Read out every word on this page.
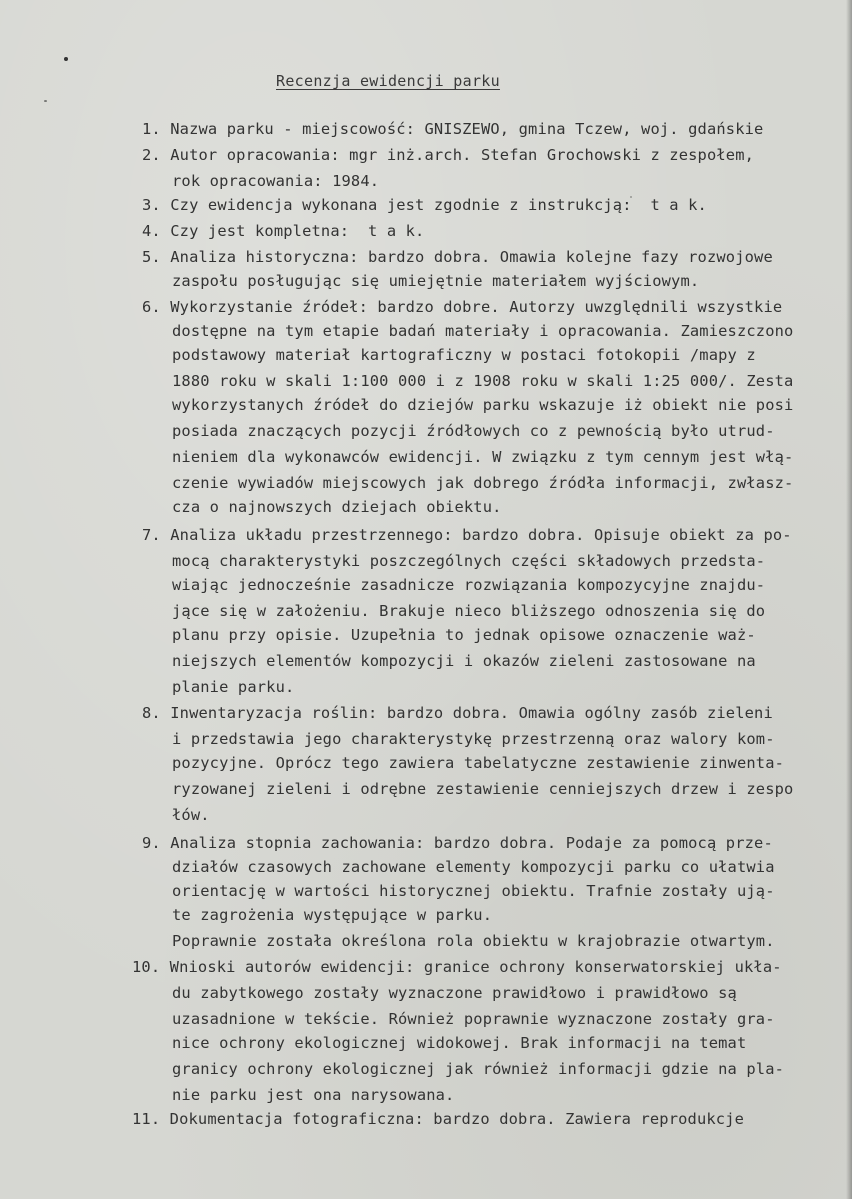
Recenzja ewidencji parku
1. Nazwa parku - miejscowość: GNISZEWO, gmina Tczew, woj. gdańskie
2. Autor opracowania: mgr inż.arch. Stefan Grochowski z zespołem,
rok opracowania: 1984.
3. Czy ewidencja wykonana jest zgodnie z instrukcją:  t a k.
4. Czy jest kompletna:  t a k.
5. Analiza historyczna: bardzo dobra. Omawia kolejne fazy rozwojowe
zaspołu posługując się umiejętnie materiałem wyjściowym.
6. Wykorzystanie źródeł: bardzo dobre. Autorzy uwzględnili wszystkie
dostępne na tym etapie badań materiały i opracowania. Zamieszczono
podstawowy materiał kartograficzny w postaci fotokopii /mapy z
1880 roku w skali 1:100 000 i z 1908 roku w skali 1:25 000/. Zesta
wykorzystanych źródeł do dziejów parku wskazuje iż obiekt nie posi
posiada znaczących pozycji źródłowych co z pewnością było utrud-
nieniem dla wykonawców ewidencji. W związku z tym cennym jest włą-
czenie wywiadów miejscowych jak dobrego źródła informacji, zwłasz-
cza o najnowszych dziejach obiektu.
7. Analiza układu przestrzennego: bardzo dobra. Opisuje obiekt za po-
mocą charakterystyki poszczególnych części składowych przedsta-
wiając jednocześnie zasadnicze rozwiązania kompozycyjne znajdu-
jące się w założeniu. Brakuje nieco bliższego odnoszenia się do
planu przy opisie. Uzupełnia to jednak opisowe oznaczenie waż-
niejszych elementów kompozycji i okazów zieleni zastosowane na
planie parku.
8. Inwentaryzacja roślin: bardzo dobra. Omawia ogólny zasób zieleni
i przedstawia jego charakterystykę przestrzenną oraz walory kom-
pozycyjne. Oprócz tego zawiera tabelatyczne zestawienie zinwenta-
ryzowanej zieleni i odrębne zestawienie cenniejszych drzew i zespo
łów.
9. Analiza stopnia zachowania: bardzo dobra. Podaje za pomocą prze-
działów czasowych zachowane elementy kompozycji parku co ułatwia
orientację w wartości historycznej obiektu. Trafnie zostały ują-
te zagrożenia występujące w parku.
Poprawnie została określona rola obiektu w krajobrazie otwartym.
10. Wnioski autorów ewidencji: granice ochrony konserwatorskiej ukła-
du zabytkowego zostały wyznaczone prawidłowo i prawidłowo są
uzasadnione w tekście. Również poprawnie wyznaczone zostały gra-
nice ochrony ekologicznej widokowej. Brak informacji na temat
granicy ochrony ekologicznej jak również informacji gdzie na pla-
nie parku jest ona narysowana.
11. Dokumentacja fotograficzna: bardzo dobra. Zawiera reprodukcje
